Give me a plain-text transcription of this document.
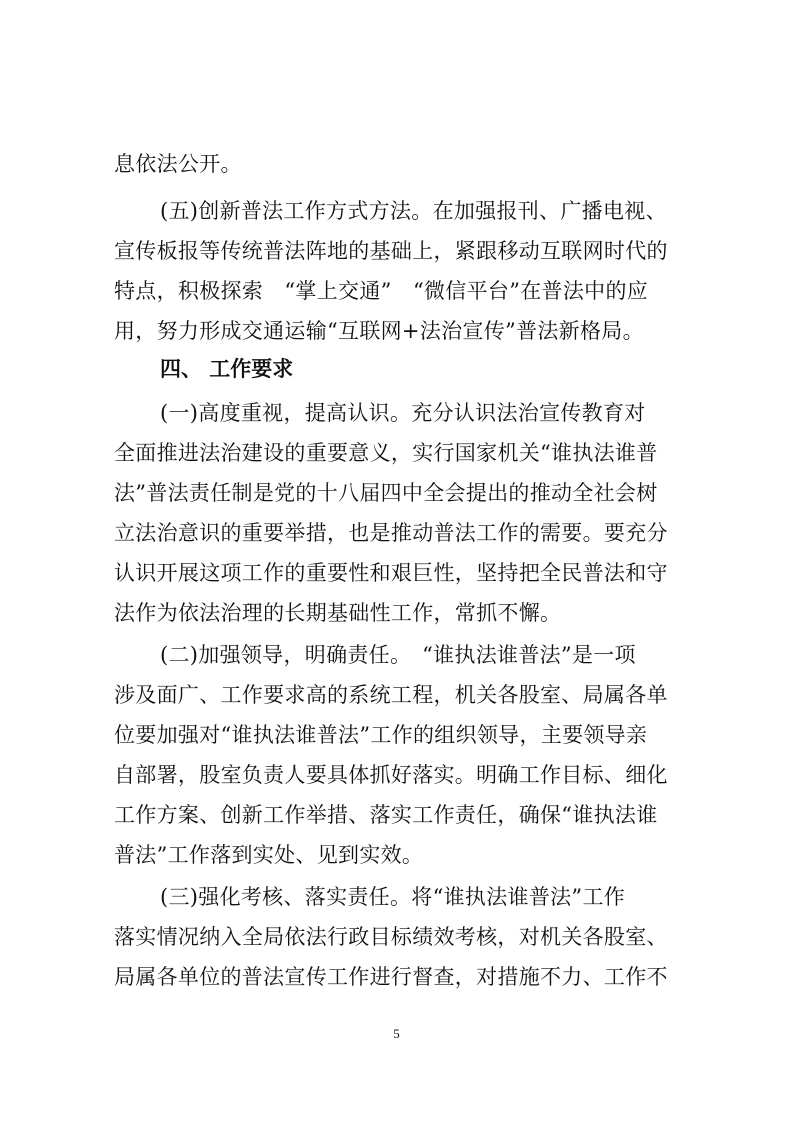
息依法公开。
(五)创新普法工作方式方法。在加强报刊、广播电视、
宣传板报等传统普法阵地的基础上，紧跟移动互联网时代的
特点，积极探索　“掌上交通”　“微信平台”在普法中的应
用，努力形成交通运输“互联网+法治宣传”普法新格局。
四、 工作要求
(一)高度重视，提高认识。充分认识法治宣传教育对
全面推进法治建设的重要意义，实行国家机关“谁执法谁普
法”普法责任制是党的十八届四中全会提出的推动全社会树
立法治意识的重要举措，也是推动普法工作的需要。要充分
认识开展这项工作的重要性和艰巨性，坚持把全民普法和守
法作为依法治理的长期基础性工作，常抓不懈。
(二)加强领导，明确责任。　“谁执法谁普法”是一项
涉及面广、工作要求高的系统工程，机关各股室、局属各单
位要加强对“谁执法谁普法”工作的组织领导，主要领导亲
自部署，股室负责人要具体抓好落实。明确工作目标、细化
工作方案、创新工作举措、落实工作责任，确保“谁执法谁
普法”工作落到实处、见到实效。
(三)强化考核、落实责任。将“谁执法谁普法”工作
落实情况纳入全局依法行政目标绩效考核，对机关各股室、
局属各单位的普法宣传工作进行督查，对措施不力、工作不
5
